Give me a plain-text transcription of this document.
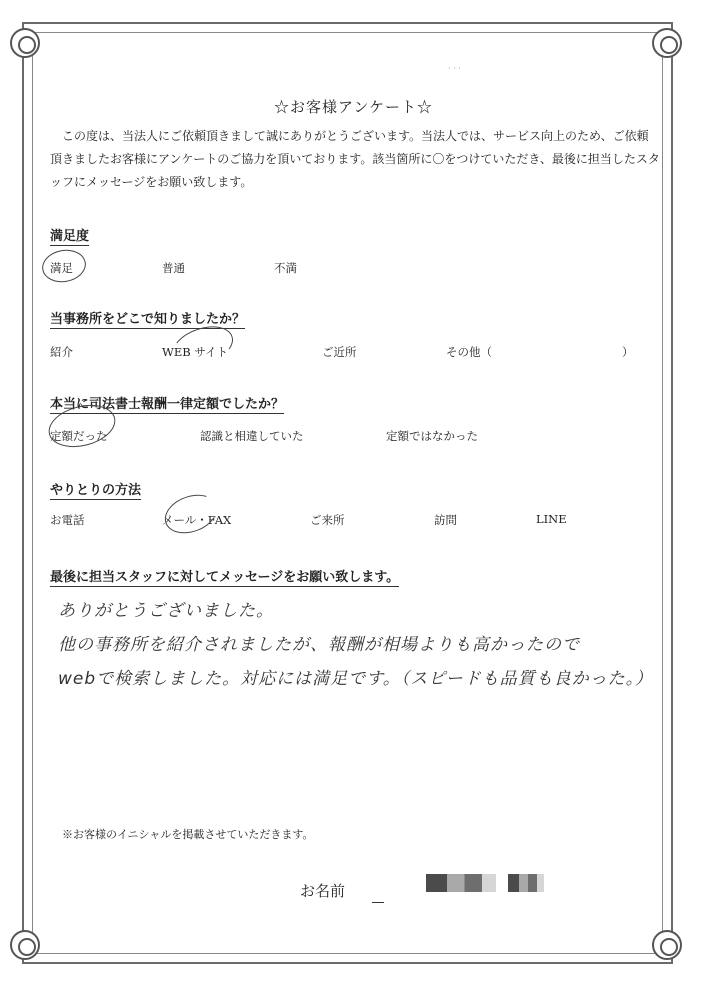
· · ·
☆お客様アンケート☆
この度は、当法人にご依頼頂きまして誠にありがとうございます。当法人では、サービス向上のため、ご依頼頂きましたお客様にアンケートのご協力を頂いております。該当箇所に〇をつけていただき、最後に担当したスタッフにメッセージをお願い致します。
満足度
満足	普通	不満
当事務所をどこで知りましたか？
紹介	WEB サイト	ご近所	その他（	）
本当に司法書士報酬一律定額でしたか？
定額だった	認識と相違していた	定額ではなかった
やりとりの方法
お電話	メール・FAX	ご来所	訪問	LINE
最後に担当スタッフに対してメッセージをお願い致します。
ありがとうございました。
他の事務所を紹介されましたが、報酬が相場よりも高かったので
webで検索しました。対応には満足です。（スピードも品質も良かった。）
※お客様のイニシャルを掲載させていただきます。
お名前
